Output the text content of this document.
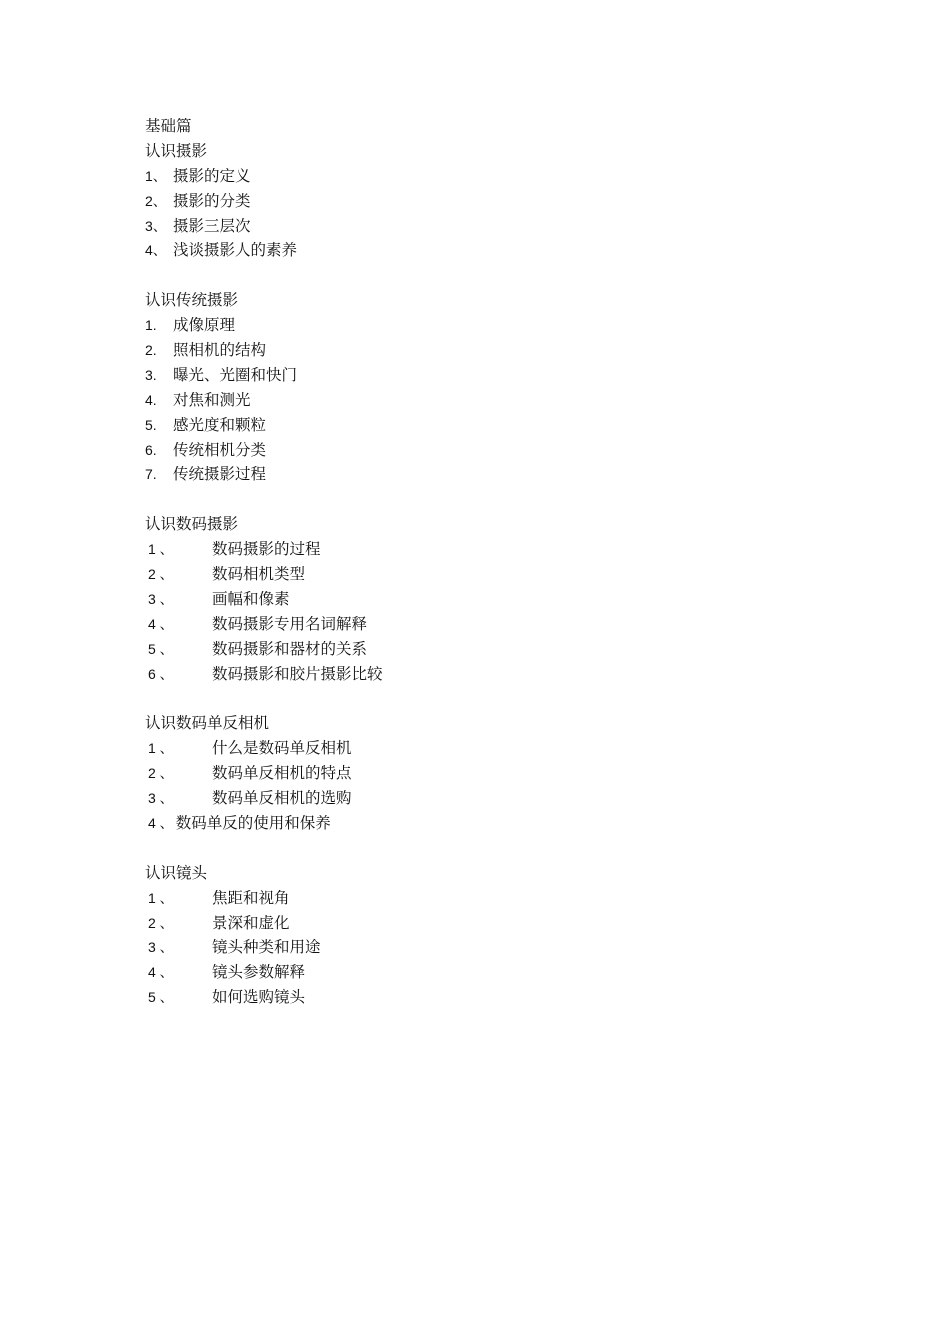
基础篇
认识摄影
1、 摄影的定义
2、 摄影的分类
3、 摄影三层次
4、 浅谈摄影人的素养
认识传统摄影
1. 成像原理
2. 照相机的结构
3. 曝光、光圈和快门
4. 对焦和测光
5. 感光度和颗粒
6. 传统相机分类
7. 传统摄影过程
认识数码摄影
1 、 数码摄影的过程
2 、 数码相机类型
3 、 画幅和像素
4 、 数码摄影专用名词解释
5 、 数码摄影和器材的关系
6 、 数码摄影和胶片摄影比较
认识数码单反相机
1 、 什么是数码单反相机
2 、 数码单反相机的特点
3 、 数码单反相机的选购
4 、 数码单反的使用和保养
认识镜头
1 、 焦距和视角
2 、 景深和虚化
3 、 镜头种类和用途
4 、 镜头参数解释
5 、 如何选购镜头
